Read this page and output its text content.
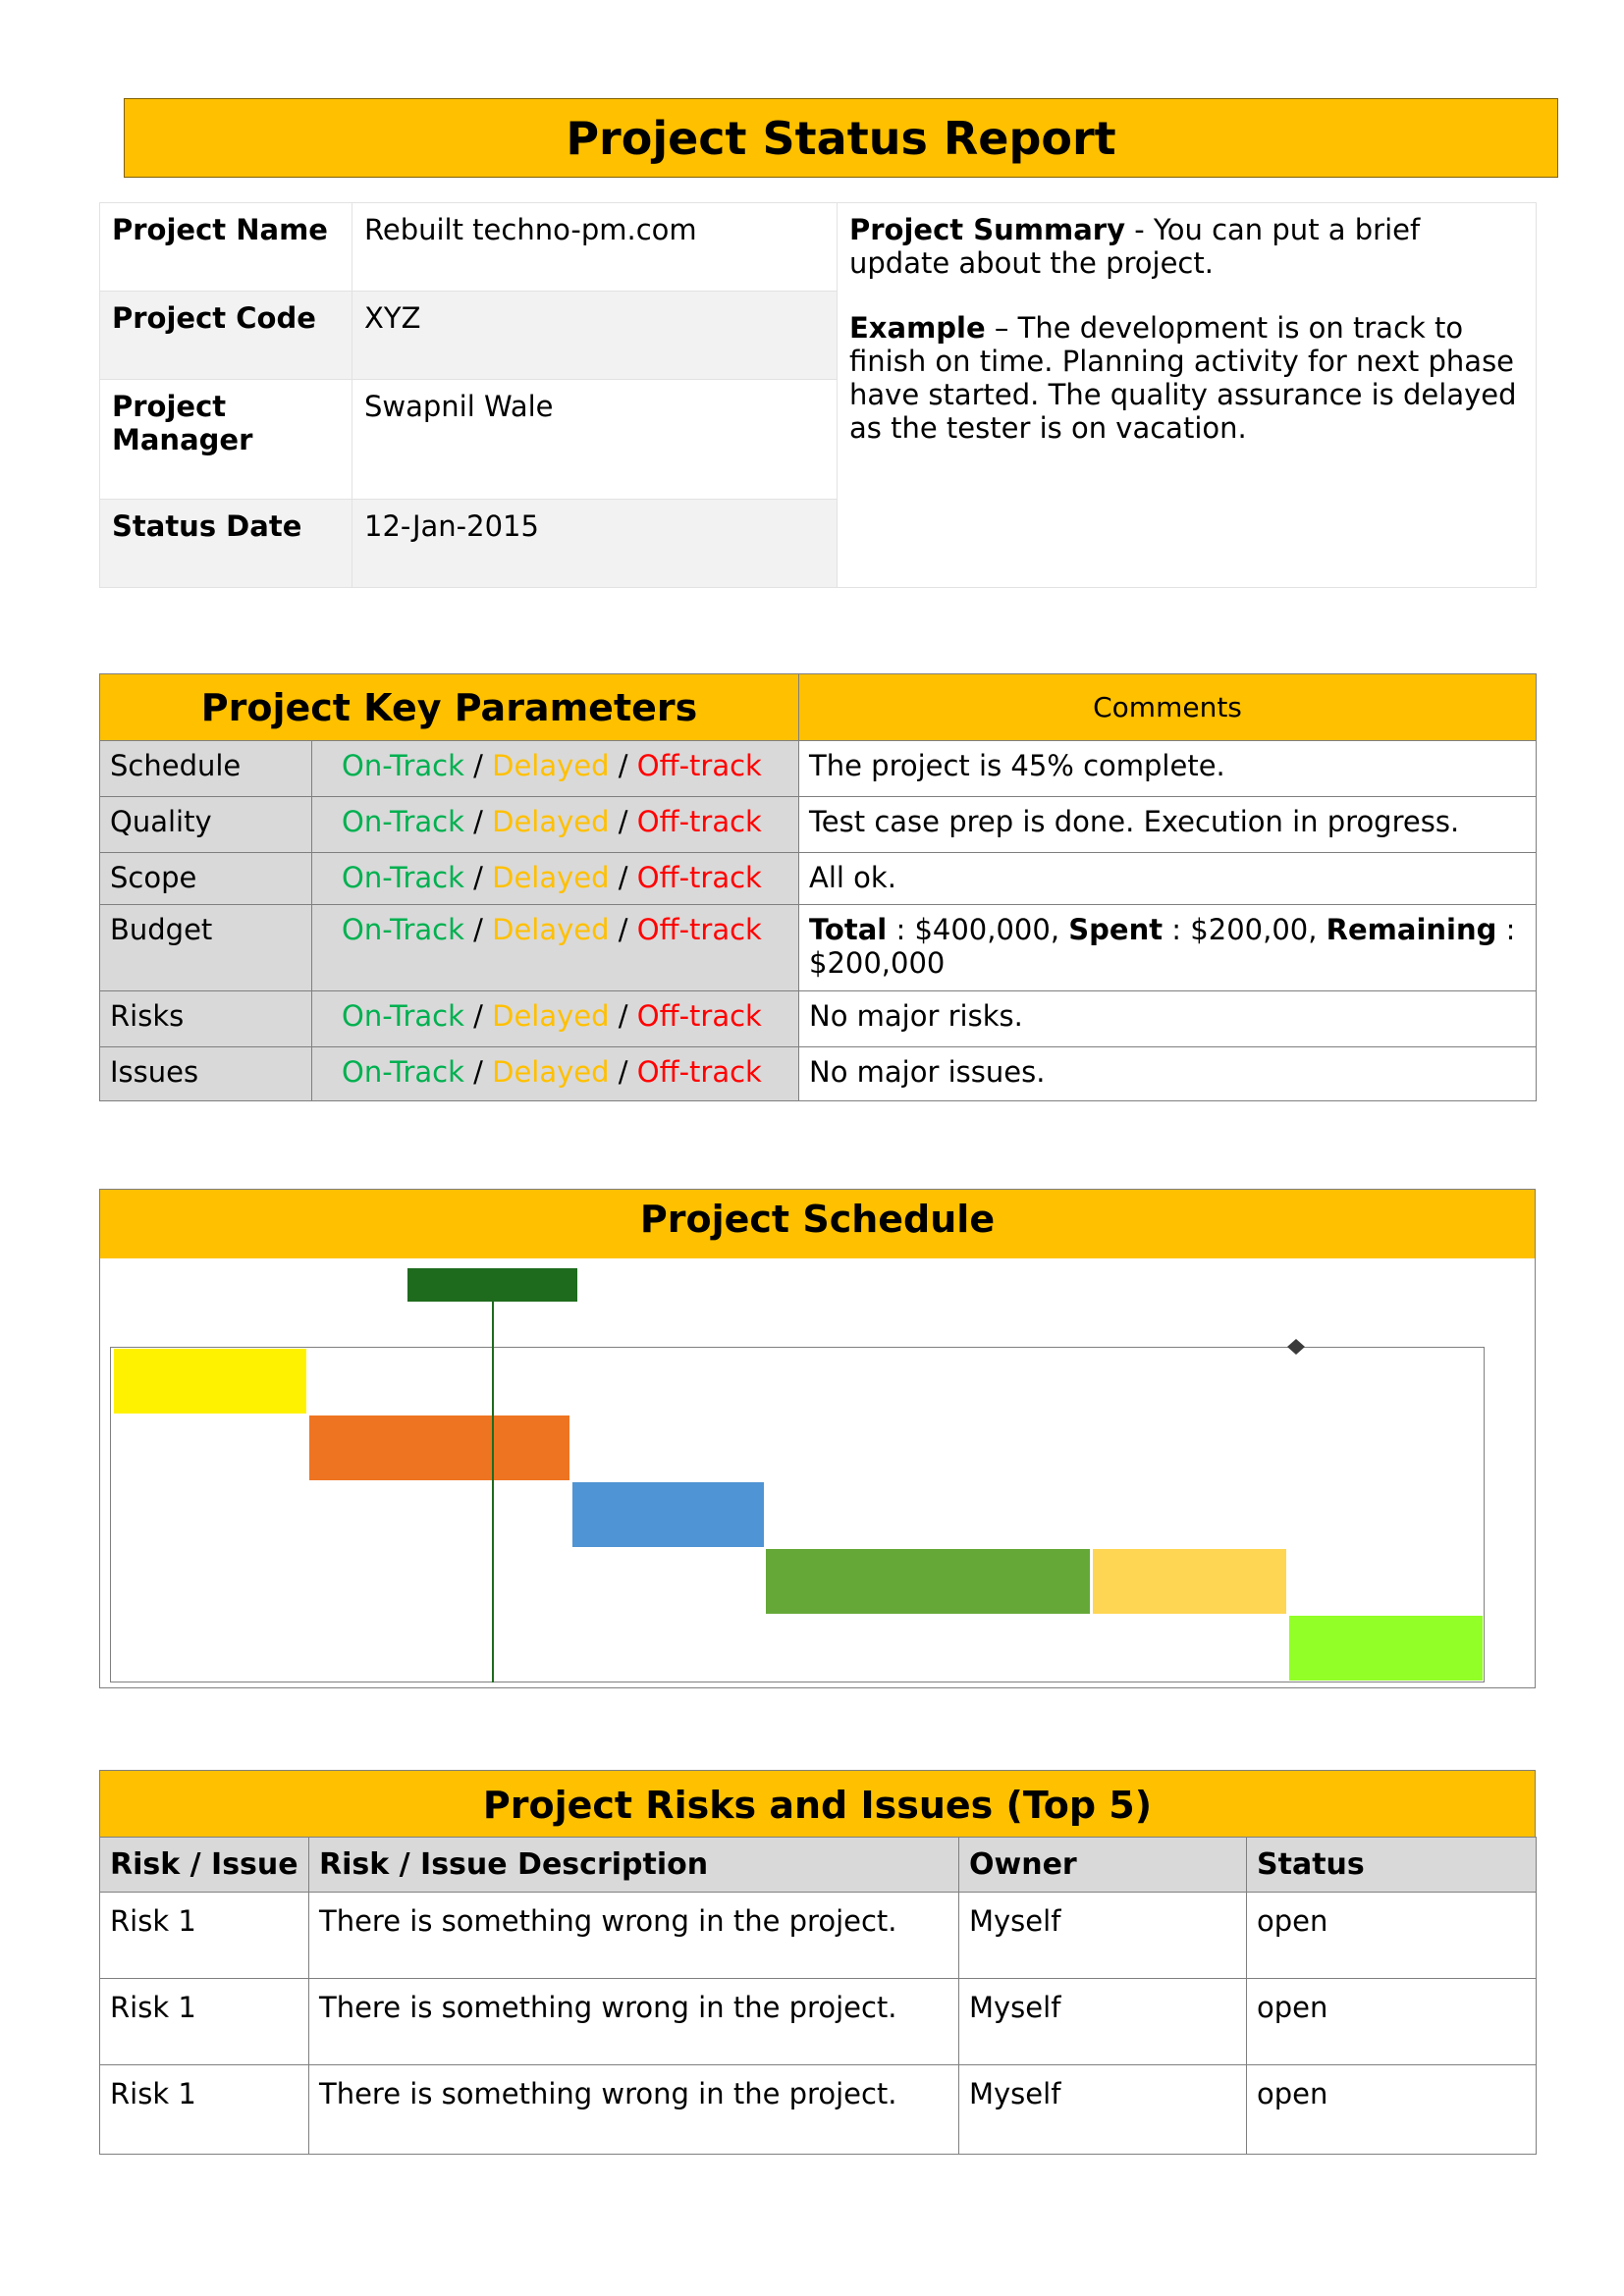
Project Status Report
Project Name	Rebuilt techno-pm.com	Project Summary - You can put a brief update about the project.

Example – The development is on track to finish on time. Planning activity for next phase have started. The quality assurance is delayed as the tester is on vacation.

Project Code	XYZ	
Project Manager	Swapnil Wale	
Status Date	12-Jan-2015	
Project Key Parameters		Comments
Schedule	On-Track / Delayed / Off-track	The project is 45% complete.
Quality	On-Track / Delayed / Off-track	Test case prep is done. Execution in progress.
Scope	On-Track / Delayed / Off-track	All ok.
Budget	On-Track / Delayed / Off-track	Total : $400,000, Spent : $200,00, Remaining : $200,000
Risks	On-Track / Delayed / Off-track	No major risks.
Issues	On-Track / Delayed / Off-track	No major issues.
Project Schedule
Project Risks and Issues (Top 5)
Risk / Issue	Risk / Issue Description	Owner	Status
Risk 1	There is something wrong in the project.	Myself	open
Risk 1	There is something wrong in the project.	Myself	open
Risk 1	There is something wrong in the project.	Myself	open
